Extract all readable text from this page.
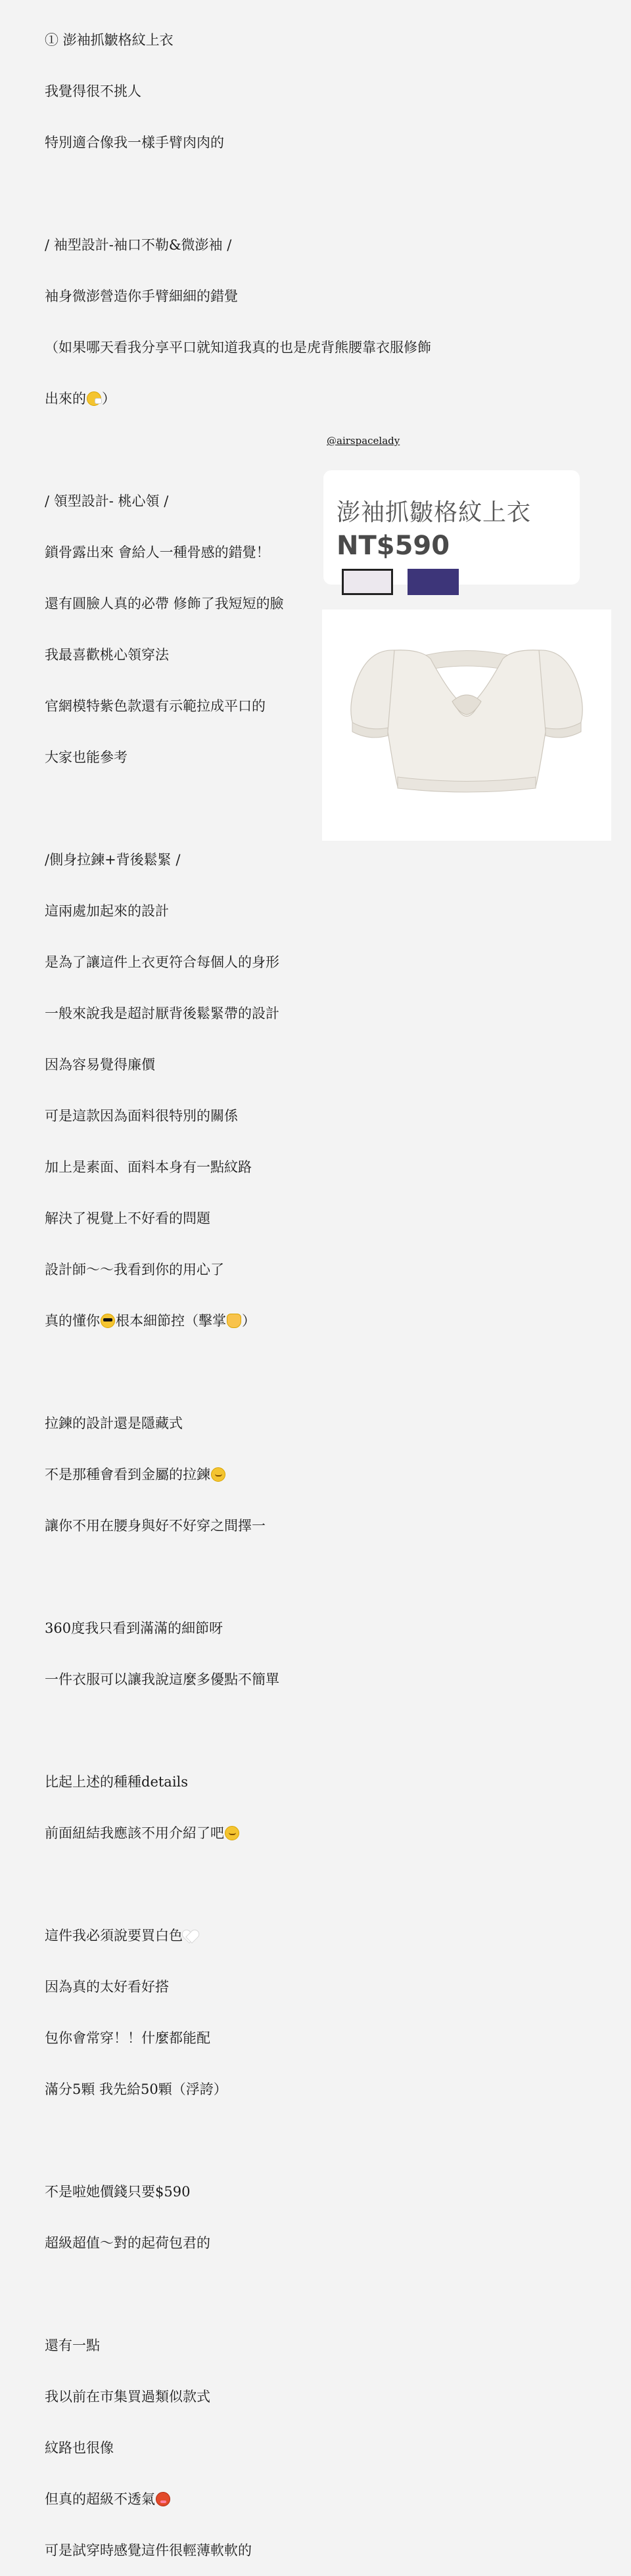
① 澎袖抓皺格紋上衣

我覺得很不挑人

特別適合像我一樣手臂肉肉的

/ 袖型設計-袖口不勒&微澎袖 /

袖身微澎營造你手臂細細的錯覺

（如果哪天看我分享平口就知道我真的也是虎背熊腰靠衣服修飾

出來的 ）

/ 領型設計- 桃心領 /

鎖骨露出來 會給人一種骨感的錯覺！

還有圓臉人真的必帶 修飾了我短短的臉

我最喜歡桃心領穿法

官網模特紫色款還有示範拉成平口的

大家也能參考

/側身拉鍊+背後鬆緊 /

這兩處加起來的設計

是為了讓這件上衣更符合每個人的身形

一般來說我是超討厭背後鬆緊帶的設計

因為容易覺得廉價

可是這款因為面料很特別的關係

加上是素面、面料本身有一點紋路

解決了視覺上不好看的問題

設計師～～我看到你的用心了

真的懂你 根本細節控（擊掌 ）

拉鍊的設計還是隱藏式

不是那種會看到金屬的拉鍊

讓你不用在腰身與好不好穿之間擇一

360度我只看到滿滿的細節呀

一件衣服可以讓我說這麼多優點不簡單

比起上述的種種details

前面紐結我應該不用介紹了吧

這件我必須說要買白色

因為真的太好看好搭

包你會常穿！！什麼都能配

滿分5顆 我先給50顆（浮誇）

不是啦她價錢只要$590

超級超值～對的起荷包君的

還有一點

我以前在市集買過類似款式

紋路也很像

但真的超級不透氣

可是試穿時感覺這件很輕薄軟軟的

@airspacelady
澎袖抓皺格紋上衣
NT$590
